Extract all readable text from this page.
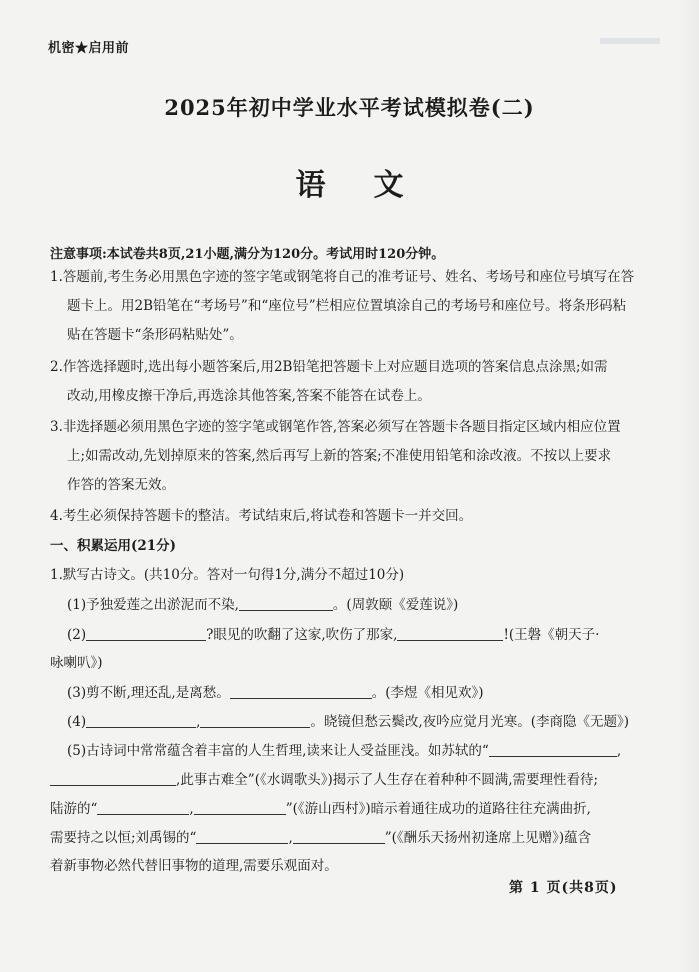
机密★启用前
2025年初中学业水平考试模拟卷(二)
语文
注意事项:本试卷共8页,21小题,满分为120分。考试用时120分钟。
1.答题前,考生务必用黑色字迹的签字笔或钢笔将自己的准考证号、姓名、考场号和座位号填写在答
题卡上。用2B铅笔在“考场号”和“座位号”栏相应位置填涂自己的考场号和座位号。将条形码粘
贴在答题卡“条形码粘贴处”。
2.作答选择题时,选出每小题答案后,用2B铅笔把答题卡上对应题目选项的答案信息点涂黑;如需
改动,用橡皮擦干净后,再选涂其他答案,答案不能答在试卷上。
3.非选择题必须用黑色字迹的签字笔或钢笔作答,答案必须写在答题卡各题目指定区域内相应位置
上;如需改动,先划掉原来的答案,然后再写上新的答案;不准使用铅笔和涂改液。不按以上要求
作答的答案无效。
4.考生必须保持答题卡的整洁。考试结束后,将试卷和答题卡一并交回。
一、积累运用(21分)
1.默写古诗文。(共10分。答对一句得1分,满分不超过10分)
(1)予独爱莲之出淤泥而不染,	。(周敦颐《爱莲说》)
(2)	?眼见的吹翻了这家,吹伤了那家,	!(王磐《朝天子·
咏喇叭》)
(3)剪不断,理还乱,是离愁。	。(李煜《相见欢》)
(4)	,	。晓镜但愁云鬓改,夜吟应觉月光寒。(李商隐《无题》)
(5)古诗词中常常蕴含着丰富的人生哲理,读来让人受益匪浅。如苏轼的“	,
,此事古难全”(《水调歌头》)揭示了人生存在着种种不圆满,需要理性看待;
陆游的“	,	”(《游山西村》)暗示着通往成功的道路往往充满曲折,
需要持之以恒;刘禹锡的“	,	”(《酬乐天扬州初逢席上见赠》)蕴含
着新事物必然代替旧事物的道理,需要乐观面对。
第 1 页(共8页)
